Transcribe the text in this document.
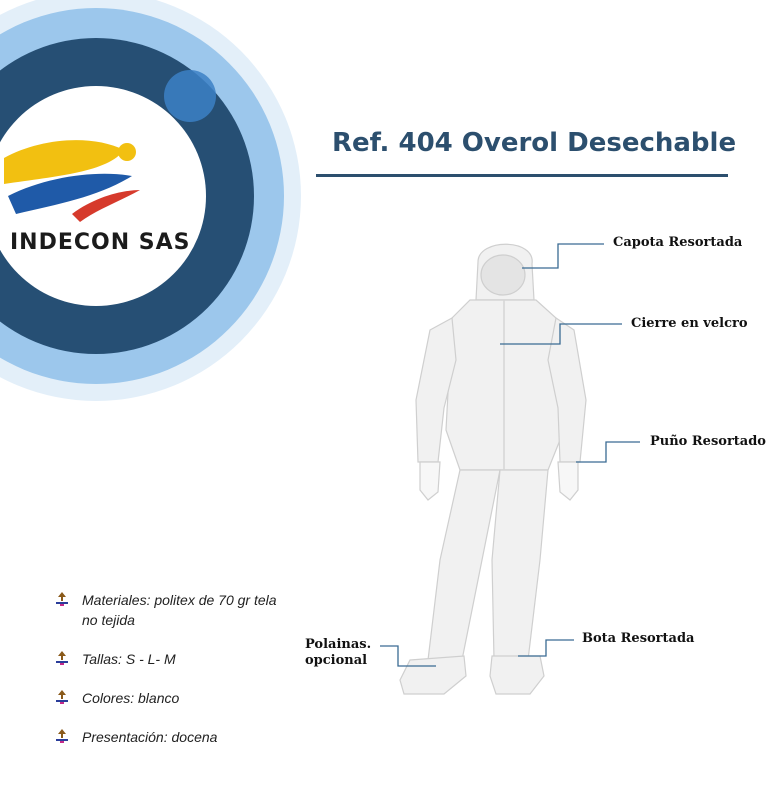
INDECON SAS
Ref. 404 Overol Desechable
Capota Resortada
Cierre en velcro
Puño Resortado
Polainas.
opcional
Bota Resortada
Materiales: politex de 70 gr tela no tejida
Tallas: S - L- M
Colores: blanco
Presentación: docena
